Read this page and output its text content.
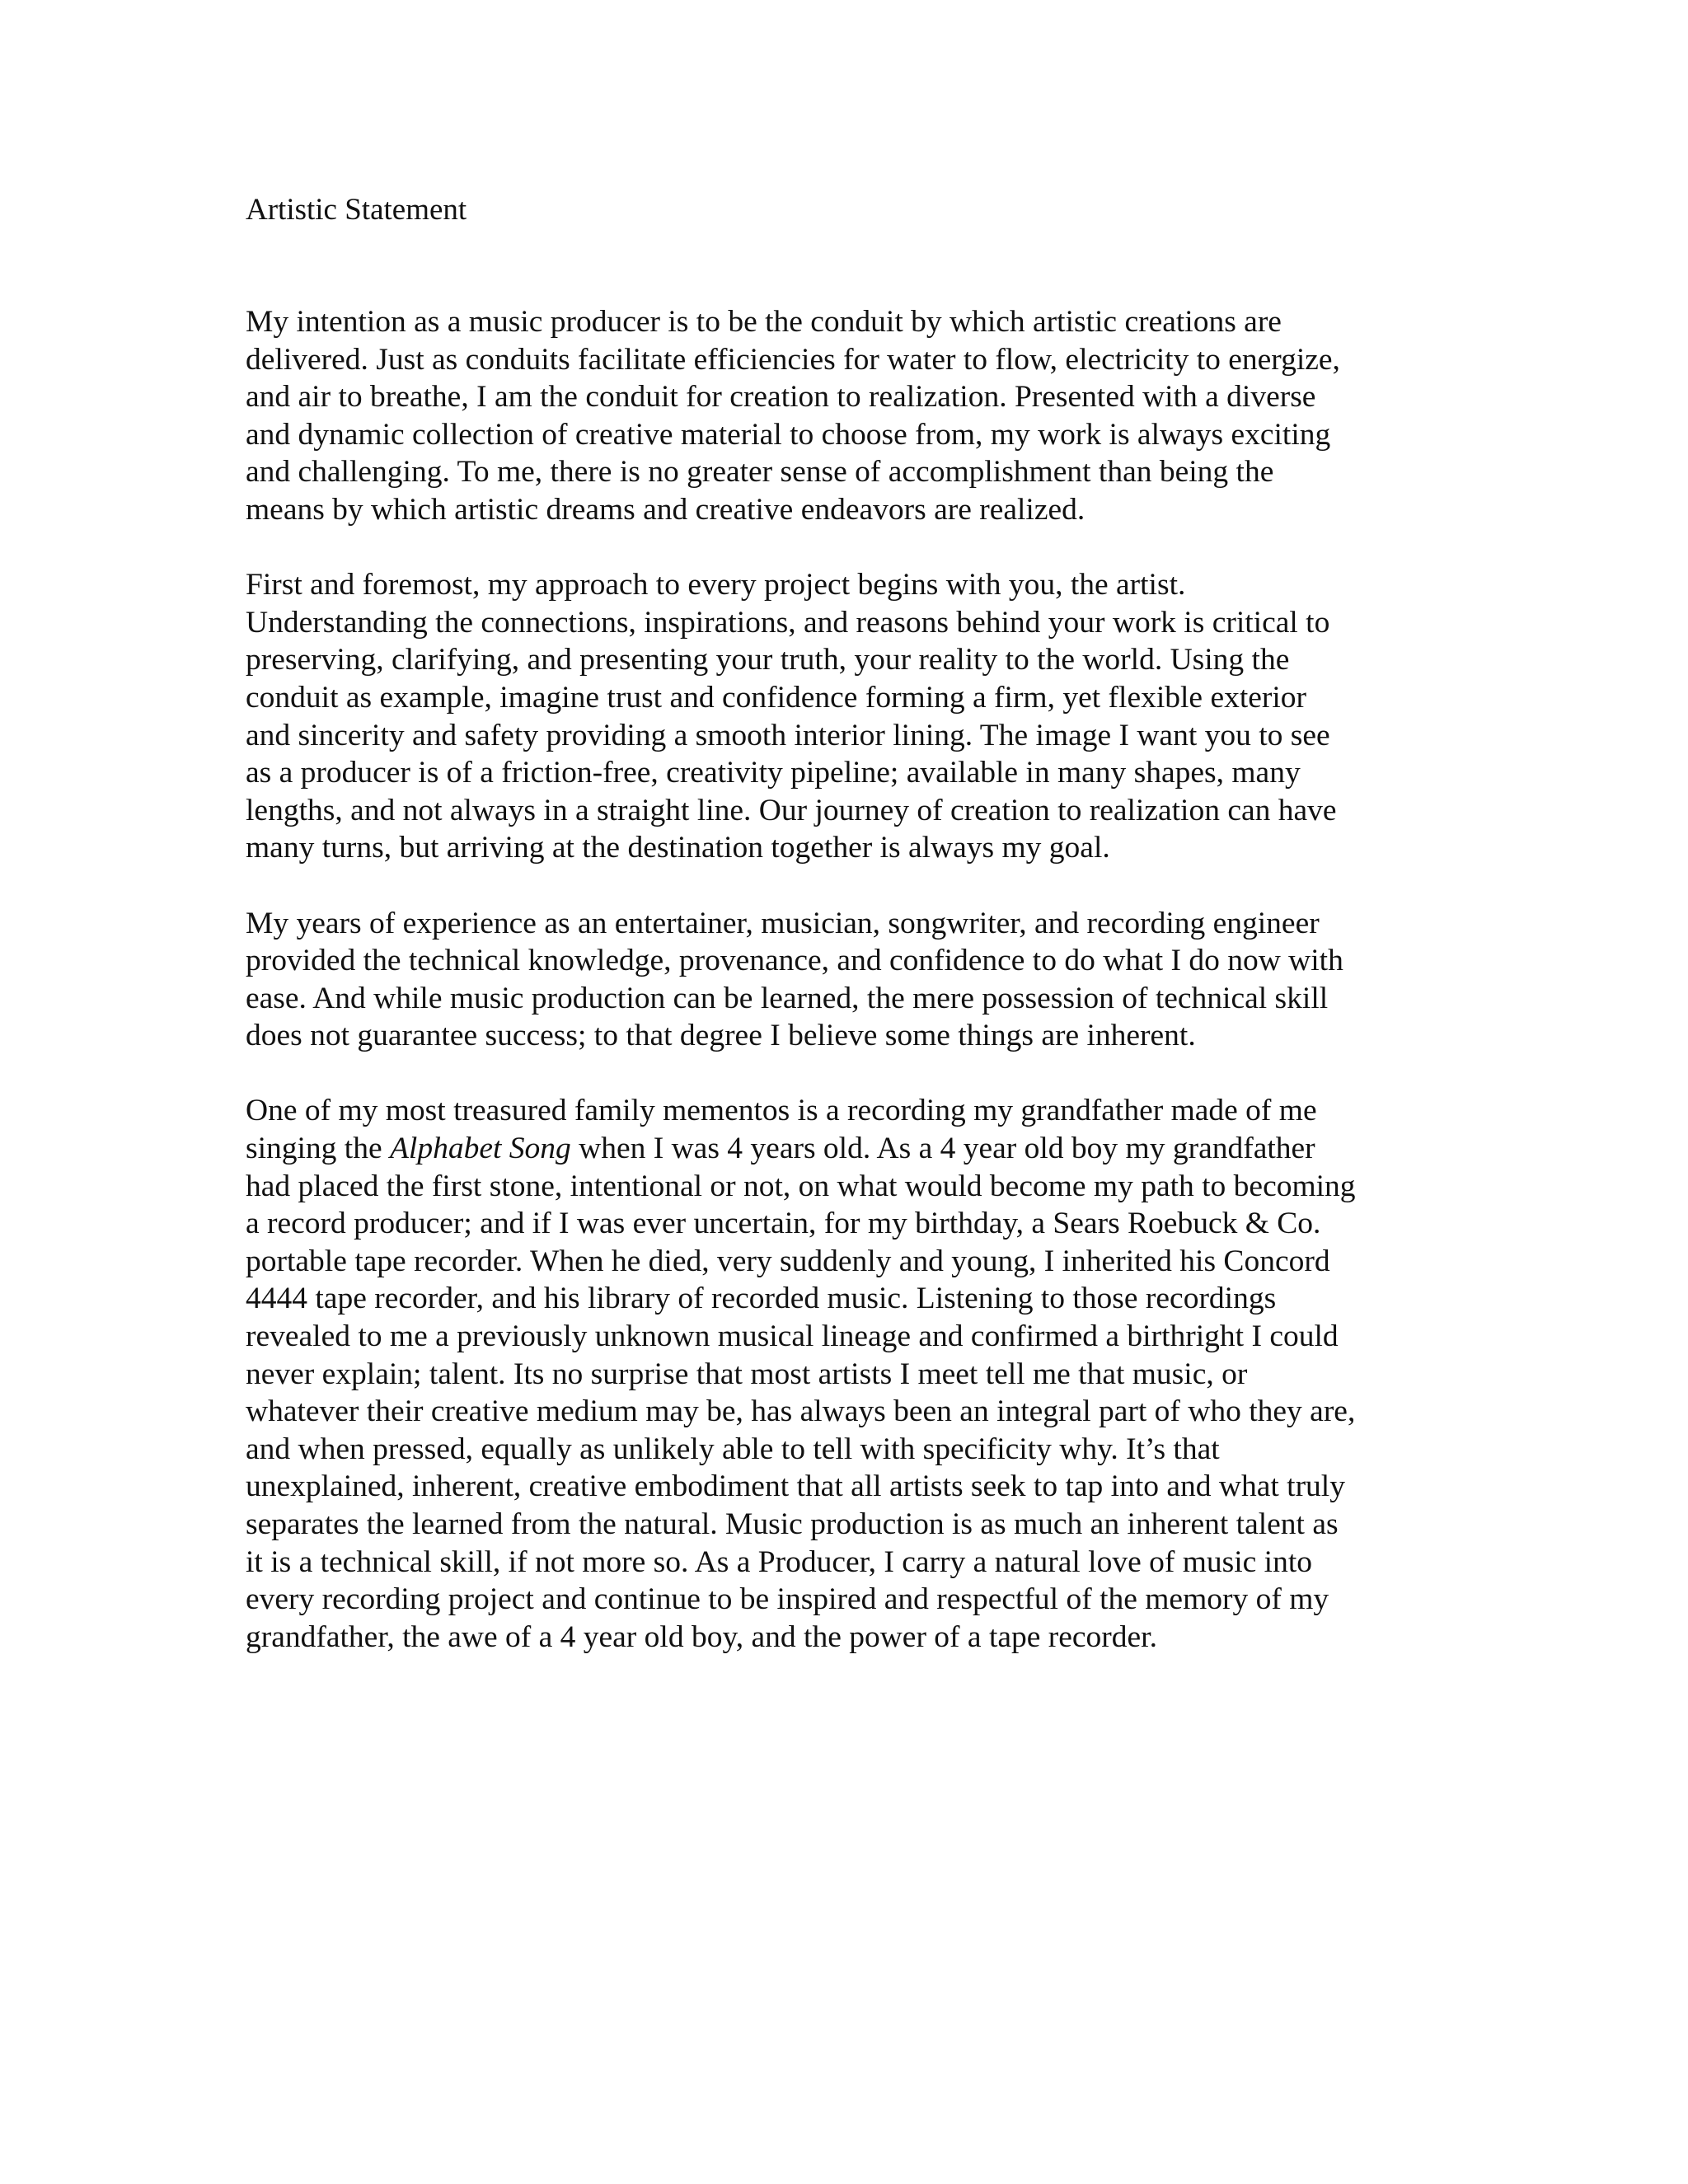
Artistic Statement

My intention as a music producer is to be the conduit by which artistic creations are
delivered. Just as conduits facilitate efficiencies for water to flow, electricity to energize,
and air to breathe, I am the conduit for creation to realization. Presented with a diverse
and dynamic collection of creative material to choose from, my work is always exciting
and challenging. To me, there is no greater sense of accomplishment than being the
means by which artistic dreams and creative endeavors are realized.

First and foremost, my approach to every project begins with you, the artist.
Understanding the connections, inspirations, and reasons behind your work is critical to
preserving, clarifying, and presenting your truth, your reality to the world. Using the
conduit as example, imagine trust and confidence forming a firm, yet flexible exterior
and sincerity and safety providing a smooth interior lining. The image I want you to see
as a producer is of a friction-free, creativity pipeline; available in many shapes, many
lengths, and not always in a straight line. Our journey of creation to realization can have
many turns, but arriving at the destination together is always my goal.

My years of experience as an entertainer, musician, songwriter, and recording engineer
provided the technical knowledge, provenance, and confidence to do what I do now with
ease. And while music production can be learned, the mere possession of technical skill
does not guarantee success; to that degree I believe some things are inherent.

One of my most treasured family mementos is a recording my grandfather made of me
singing the Alphabet Song when I was 4 years old. As a 4 year old boy my grandfather
had placed the first stone, intentional or not, on what would become my path to becoming
a record producer; and if I was ever uncertain, for my birthday, a Sears Roebuck & Co.
portable tape recorder. When he died, very suddenly and young, I inherited his Concord
4444 tape recorder, and his library of recorded music. Listening to those recordings
revealed to me a previously unknown musical lineage and confirmed a birthright I could
never explain; talent. Its no surprise that most artists I meet tell me that music, or
whatever their creative medium may be, has always been an integral part of who they are,
and when pressed, equally as unlikely able to tell with specificity why. It’s that
unexplained, inherent, creative embodiment that all artists seek to tap into and what truly
separates the learned from the natural. Music production is as much an inherent talent as
it is a technical skill, if not more so. As a Producer, I carry a natural love of music into
every recording project and continue to be inspired and respectful of the memory of my
grandfather, the awe of a 4 year old boy, and the power of a tape recorder.
